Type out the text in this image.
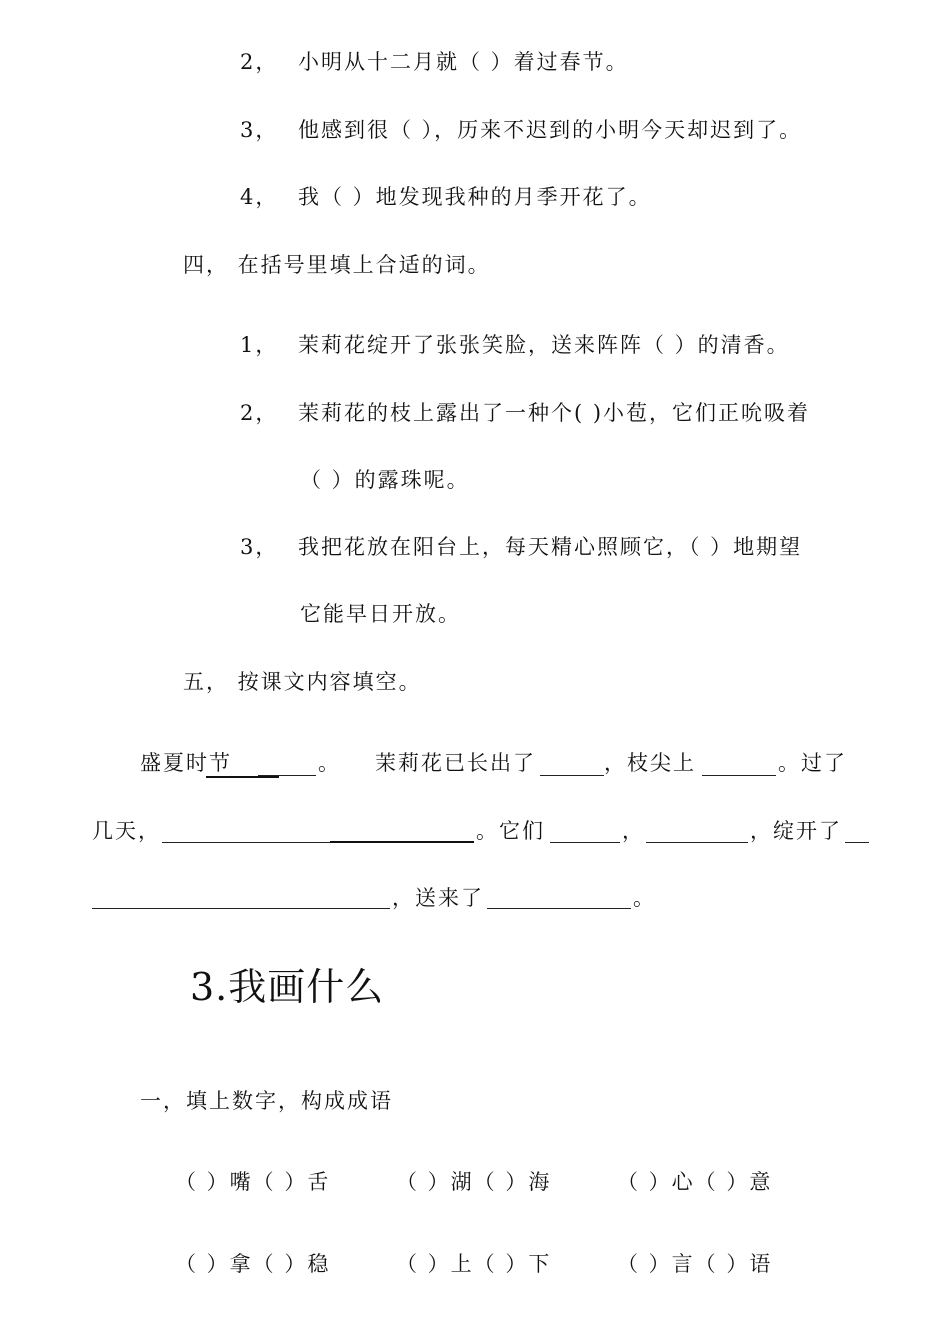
2， 小明从十二月就（ ）着过春节。
3， 他感到很（ ），历来不迟到的小明今天却迟到了。
4， 我（ ）地发现我种的月季开花了。
四， 在括号里填上合适的词。
1， 茉莉花绽开了张张笑脸，送来阵阵（ ）的清香。
2， 茉莉花的枝上露出了一种个( )小苞，它们正吮吸着
（ ）的露珠呢。
3， 我把花放在阳台上，每天精心照顾它，（ ）地期望
它能早日开放。
五， 按课文内容填空。
盛夏时节	。 茉莉花已长出了	，枝尖上	。过了
几天，	。它们	，	，绽开了
，送来了	。
3.我画什么
一，填上数字，构成成语
（ ）嘴（ ）舌	（ ）湖（ ）海	（ ）心（ ）意
（ ）拿（ ）稳	（ ）上（ ）下	（ ）言（ ）语
